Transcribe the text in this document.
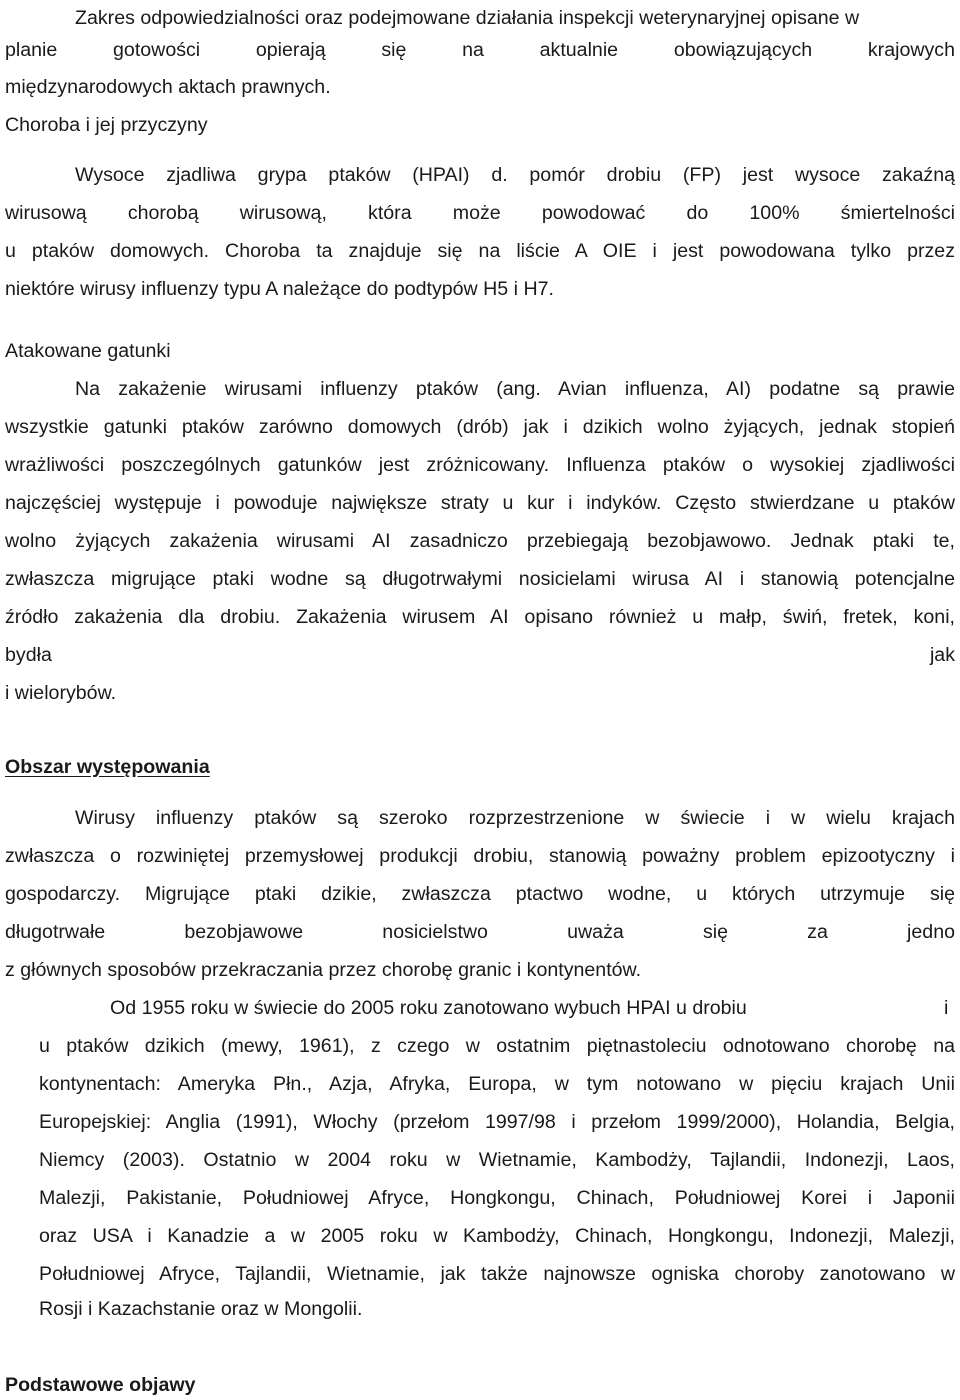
Zakres odpowiedzialności oraz podejmowane działania inspekcji weterynaryjnej opisane w
planie gotowości opierają się na aktualnie obowiązujących krajowych
międzynarodowych aktach prawnych.
Choroba i jej przyczyny
Wysoce zjadliwa grypa ptaków (HPAI) d. pomór drobiu (FP) jest wysoce zakaźną
wirusową chorobą wirusową, która może powodować do 100% śmiertelności
u ptaków domowych. Choroba ta znajduje się na liście A OIE i jest powodowana tylko przez
niektóre wirusy influenzy typu A należące do podtypów H5 i H7.
Atakowane gatunki
Na zakażenie wirusami influenzy ptaków (ang. Avian influenza, AI) podatne są prawie
wszystkie gatunki ptaków zarówno domowych (drób) jak i dzikich wolno żyjących, jednak stopień
wrażliwości poszczególnych gatunków jest zróżnicowany. Influenza ptaków o wysokiej zjadliwości
najczęściej występuje i powoduje największe straty u kur i indyków. Często stwierdzane u ptaków
wolno żyjących zakażenia wirusami AI zasadniczo przebiegają bezobjawowo. Jednak ptaki te,
zwłaszcza migrujące ptaki wodne są długotrwałymi nosicielami wirusa AI i stanowią potencjalne
źródło zakażenia dla drobiu. Zakażenia wirusem AI opisano również u małp, świń, fretek, koni,
bydła jak
i wielorybów.
Obszar występowania
Wirusy influenzy ptaków są szeroko rozprzestrzenione w świecie i w wielu krajach
zwłaszcza o rozwiniętej przemysłowej produkcji drobiu, stanowią poważny problem epizootyczny i
gospodarczy. Migrujące ptaki dzikie, zwłaszcza ptactwo wodne, u których utrzymuje się
długotrwałe bezobjawowe nosicielstwo uważa się za jedno
z głównych sposobów przekraczania przez chorobę granic i kontynentów.
Od 1955 roku w świecie do 2005 roku zanotowano wybuch HPAI u drobiu	i
u ptaków dzikich (mewy, 1961), z czego w ostatnim piętnastoleciu odnotowano chorobę na
kontynentach: Ameryka Płn., Azja, Afryka, Europa, w tym notowano w pięciu krajach Unii
Europejskiej: Anglia (1991), Włochy (przełom 1997/98 i przełom 1999/2000), Holandia, Belgia,
Niemcy (2003). Ostatnio w 2004 roku w Wietnamie, Kambodży, Tajlandii, Indonezji, Laos,
Malezji, Pakistanie, Południowej Afryce, Hongkongu, Chinach, Południowej Korei i Japonii
oraz USA i Kanadzie a w 2005 roku w Kambodży, Chinach, Hongkongu, Indonezji, Malezji,
Południowej Afryce, Tajlandii, Wietnamie, jak także najnowsze ogniska choroby zanotowano w
Rosji i Kazachstanie oraz w Mongolii.
Podstawowe objawy
